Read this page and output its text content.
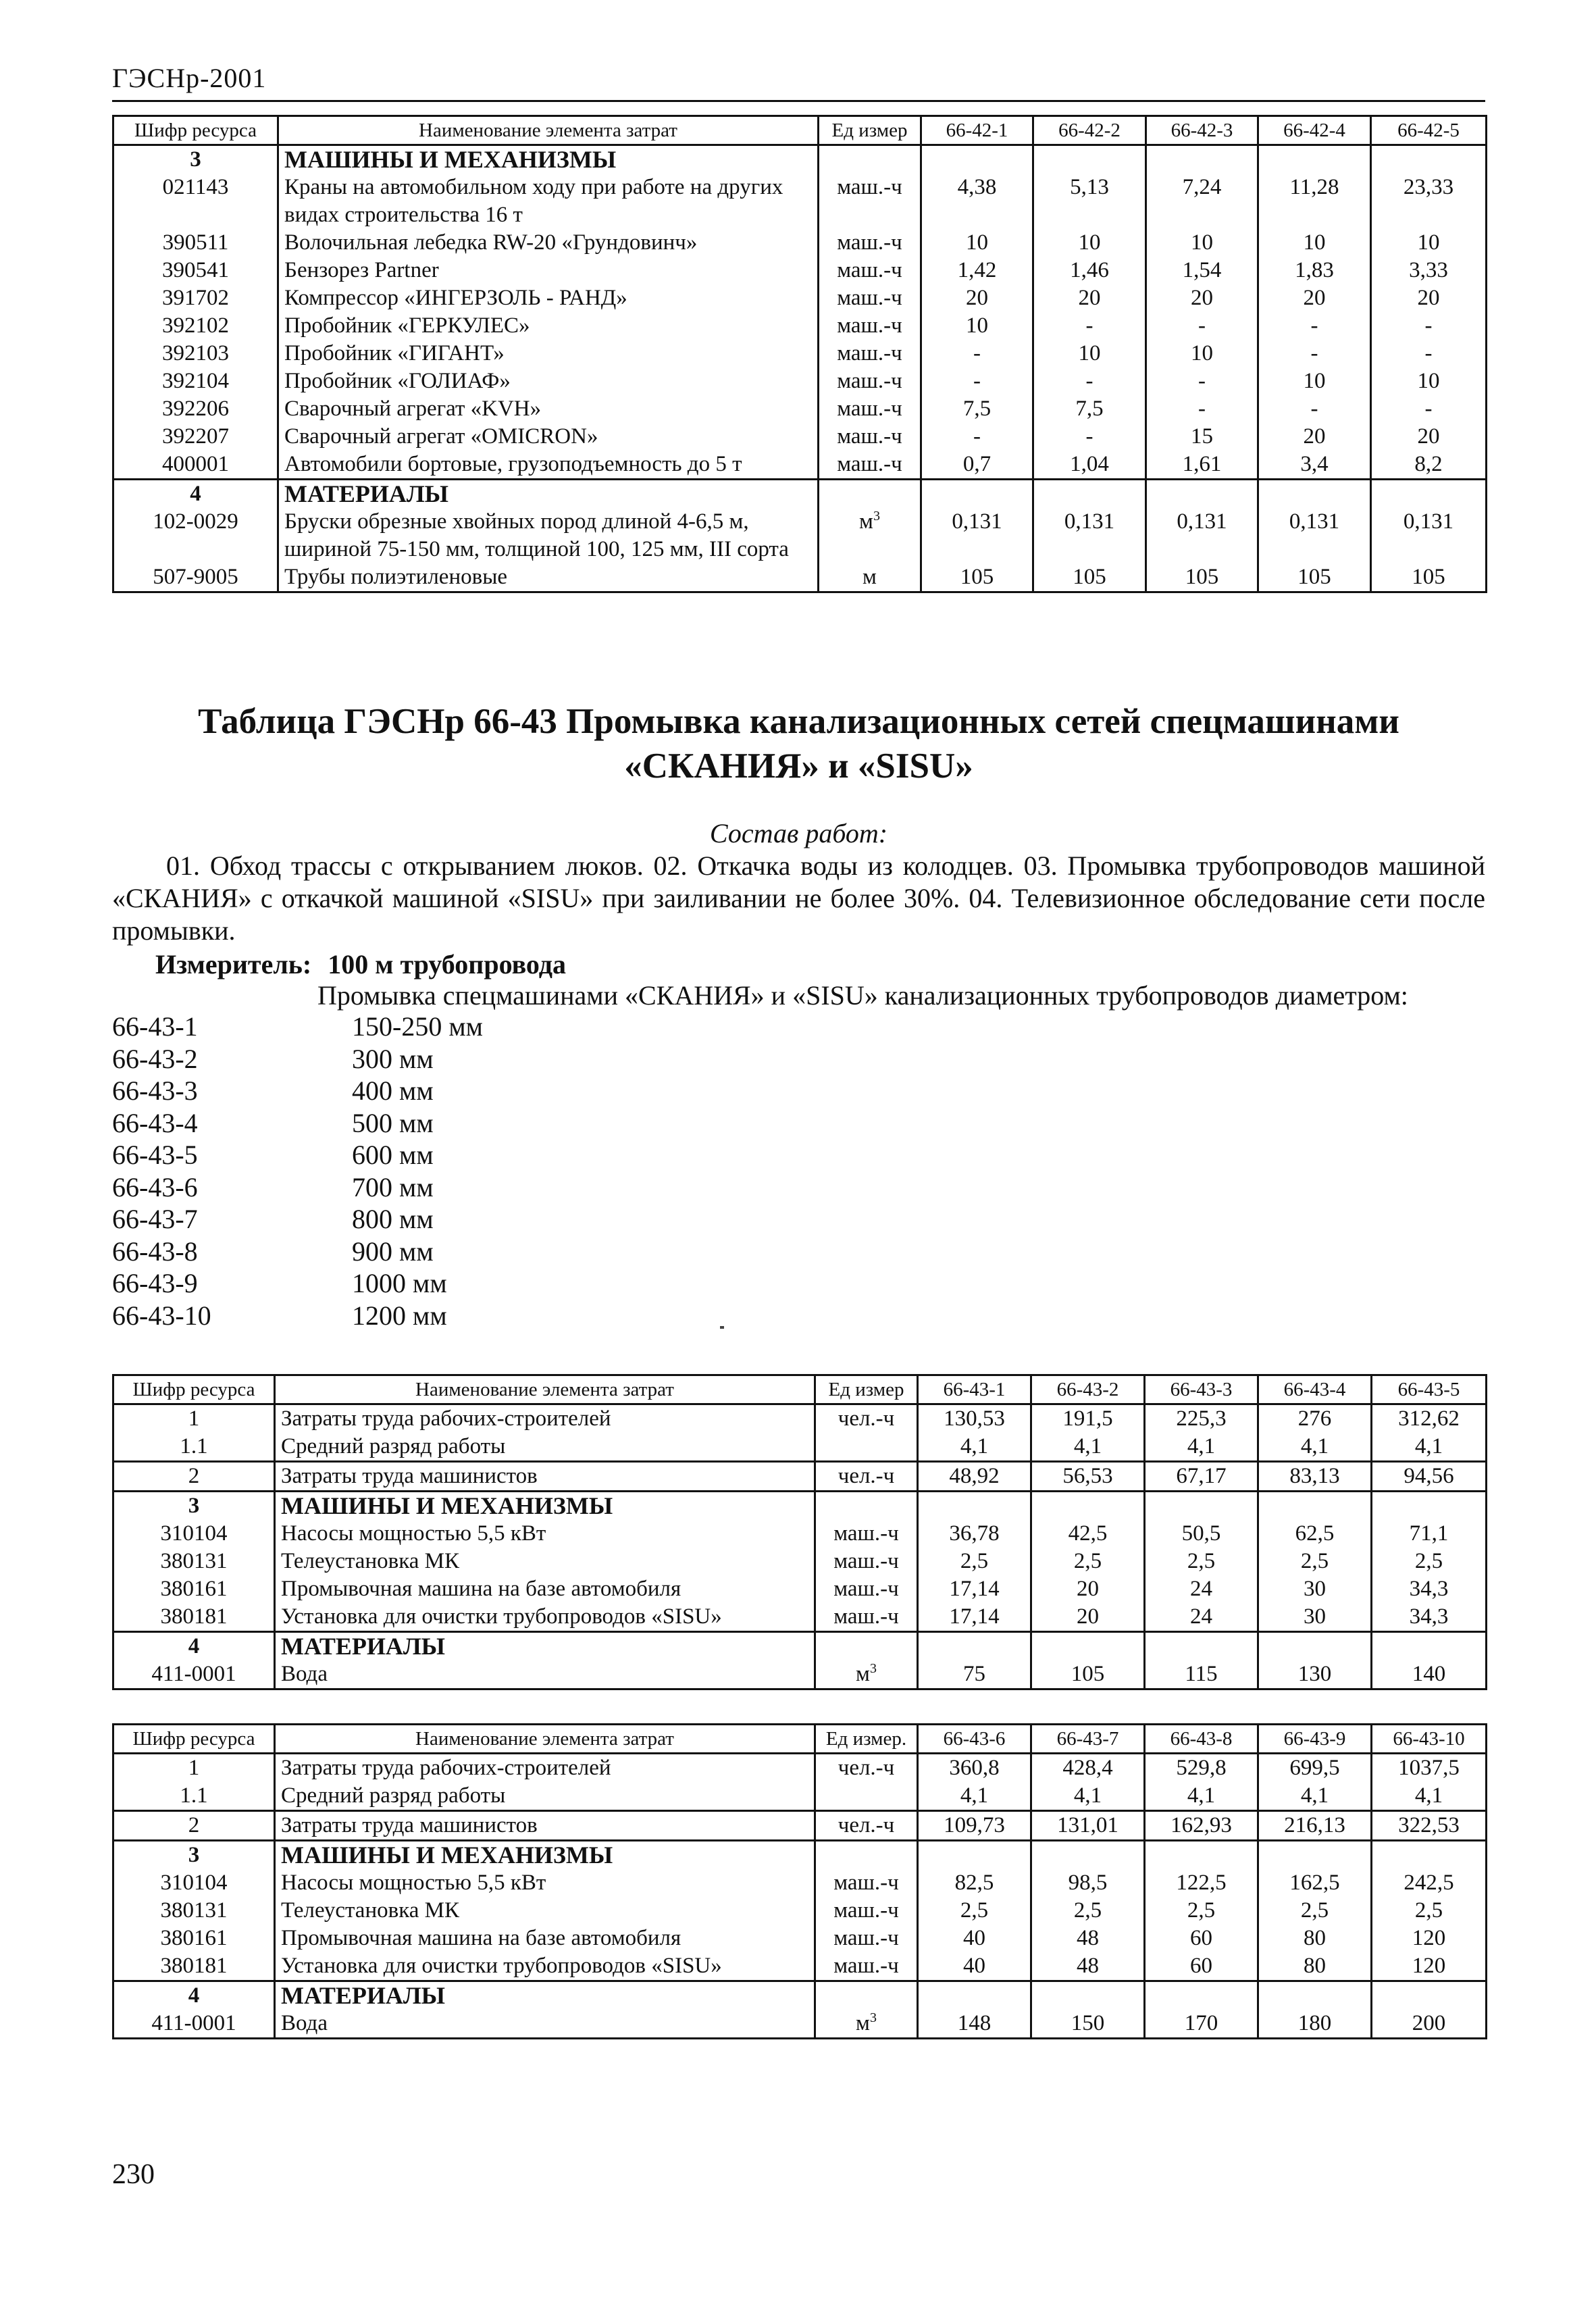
ГЭСНр-2001
Шифр ресурса	Наименование элемента затрат	Ед измер	66-42-1	66-42-2	66-42-3	66-42-4	66-42-5
3	МАШИНЫ И МЕХАНИЗМЫ						
021143	Краны на автомобильном ходу при работе на других видах строительства 16 т	маш.-ч	4,38	5,13	7,24	11,28	23,33
390511	Волочильная лебедка RW-20 «Грундовинч»	маш.-ч	10	10	10	10	10
390541	Бензорез Partner	маш.-ч	1,42	1,46	1,54	1,83	3,33
391702	Компрессор «ИНГЕРЗОЛЬ - РАНД»	маш.-ч	20	20	20	20	20
392102	Пробойник «ГЕРКУЛЕС»	маш.-ч	10	-	-	-	-
392103	Пробойник «ГИГАНТ»	маш.-ч	-	10	10	-	-
392104	Пробойник «ГОЛИАФ»	маш.-ч	-	-	-	10	10
392206	Сварочный агрегат «KVH»	маш.-ч	7,5	7,5	-	-	-
392207	Сварочный агрегат «OMICRON»	маш.-ч	-	-	15	20	20
400001	Автомобили бортовые, грузоподъемность до 5 т	маш.-ч	0,7	1,04	1,61	3,4	8,2
4	МАТЕРИАЛЫ						
102-0029	Бруски обрезные хвойных пород длиной 4-6,5 м, шириной 75-150 мм, толщиной 100, 125 мм, III сорта	$м^3$	0,131	0,131	0,131	0,131	0,131
507-9005	Трубы полиэтиленовые	м	105	105	105	105	105
Таблица ГЭСНр 66-43 Промывка канализационных сетей спецмашинами «СКАНИЯ» и «SISU»
Состав работ:
01. Обход трассы с открыванием люков. 02. Откачка воды из колодцев. 03. Промывка трубопроводов машиной «СКАНИЯ» с откачкой машиной «SISU» при заиливании не более 30%. 04. Телевизионное обследование сети после промывки.
Измеритель: 100 м трубопровода
Промывка спецмашинами «СКАНИЯ» и «SISU» канализационных трубопроводов диаметром:
66-43-1	150-250 мм
66-43-2	300 мм
66-43-3	400 мм
66-43-4	500 мм
66-43-5	600 мм
66-43-6	700 мм
66-43-7	800 мм
66-43-8	900 мм
66-43-9	1000 мм
66-43-10	1200 мм
Шифр ресурса	Наименование элемента затрат	Ед измер	66-43-1	66-43-2	66-43-3	66-43-4	66-43-5
1	Затраты труда рабочих-строителей	чел.-ч	130,53	191,5	225,3	276	312,62
1.1	Средний разряд работы		4,1	4,1	4,1	4,1	4,1
2	Затраты труда машинистов	чел.-ч	48,92	56,53	67,17	83,13	94,56
3	МАШИНЫ И МЕХАНИЗМЫ						
310104	Насосы мощностью 5,5 кВт	маш.-ч	36,78	42,5	50,5	62,5	71,1
380131	Телеустановка МК	маш.-ч	2,5	2,5	2,5	2,5	2,5
380161	Промывочная машина на базе автомобиля	маш.-ч	17,14	20	24	30	34,3
380181	Установка для очистки трубопроводов «SISU»	маш.-ч	17,14	20	24	30	34,3
4	МАТЕРИАЛЫ						
411-0001	Вода	$м^3$	75	105	115	130	140
Шифр ресурса	Наименование элемента затрат	Ед измер.	66-43-6	66-43-7	66-43-8	66-43-9	66-43-10
1	Затраты труда рабочих-строителей	чел.-ч	360,8	428,4	529,8	699,5	1037,5
1.1	Средний разряд работы		4,1	4,1	4,1	4,1	4,1
2	Затраты труда машинистов	чел.-ч	109,73	131,01	162,93	216,13	322,53
3	МАШИНЫ И МЕХАНИЗМЫ						
310104	Насосы мощностью 5,5 кВт	маш.-ч	82,5	98,5	122,5	162,5	242,5
380131	Телеустановка МК	маш.-ч	2,5	2,5	2,5	2,5	2,5
380161	Промывочная машина на базе автомобиля	маш.-ч	40	48	60	80	120
380181	Установка для очистки трубопроводов «SISU»	маш.-ч	40	48	60	80	120
4	МАТЕРИАЛЫ						
411-0001	Вода	$м^3$	148	150	170	180	200
230
